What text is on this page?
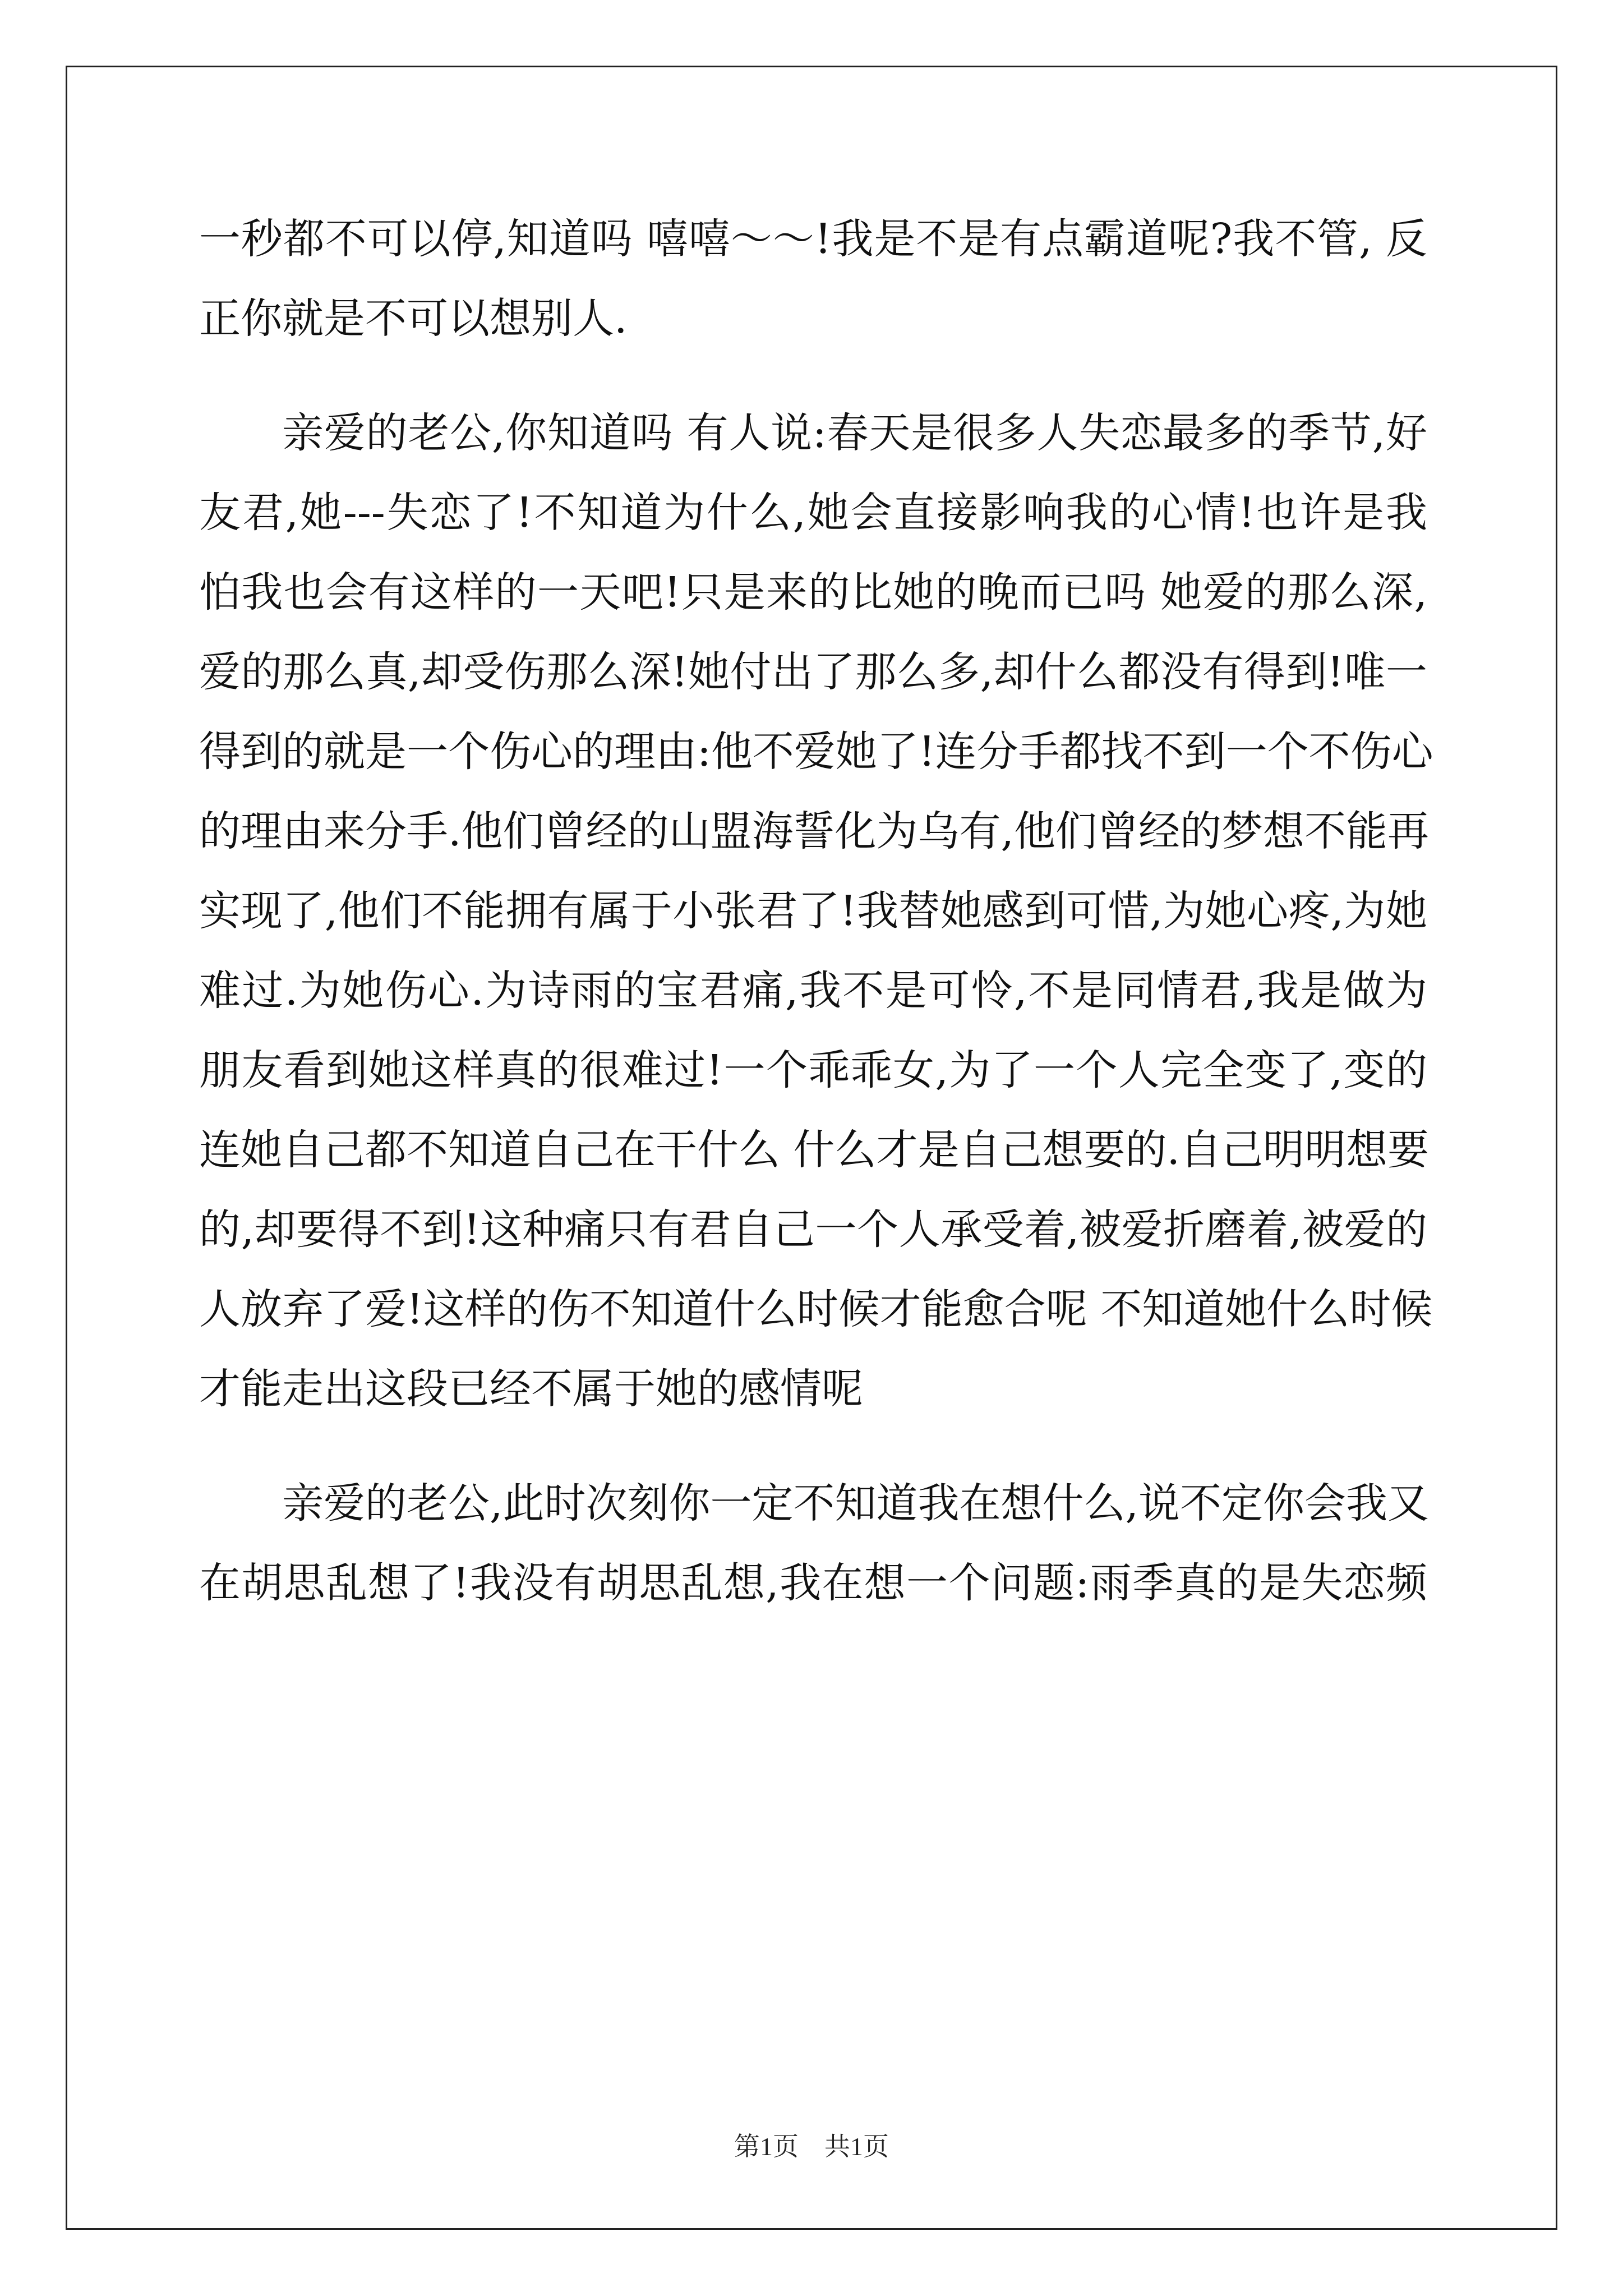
一秒都不可以停,知道吗 嘻嘻～～!我是不是有点霸道呢?我不管, 反
正你就是不可以想别人.
亲爱的老公,你知道吗 有人说:春天是很多人失恋最多的季节,好
友君,她---失恋了!不知道为什么,她会直接影响我的心情!也许是我
怕我也会有这样的一天吧!只是来的比她的晚而已吗 她爱的那么深,
爱的那么真,却受伤那么深!她付出了那么多,却什么都没有得到!唯一
得到的就是一个伤心的理由:他不爱她了!连分手都找不到一个不伤心
的理由来分手.他们曾经的山盟海誓化为乌有,他们曾经的梦想不能再
实现了,他们不能拥有属于小张君了!我替她感到可惜,为她心疼,为她
难过.为她伤心.为诗雨的宝君痛,我不是可怜,不是同情君,我是做为
朋友看到她这样真的很难过!一个乖乖女,为了一个人完全变了,变的
连她自己都不知道自己在干什么 什么才是自己想要的.自己明明想要
的,却要得不到!这种痛只有君自己一个人承受着,被爱折磨着,被爱的
人放弃了爱!这样的伤不知道什么时候才能愈合呢 不知道她什么时候
才能走出这段已经不属于她的感情呢
亲爱的老公,此时次刻你一定不知道我在想什么,说不定你会我又
在胡思乱想了!我没有胡思乱想,我在想一个问题:雨季真的是失恋频
第1页　共1页
